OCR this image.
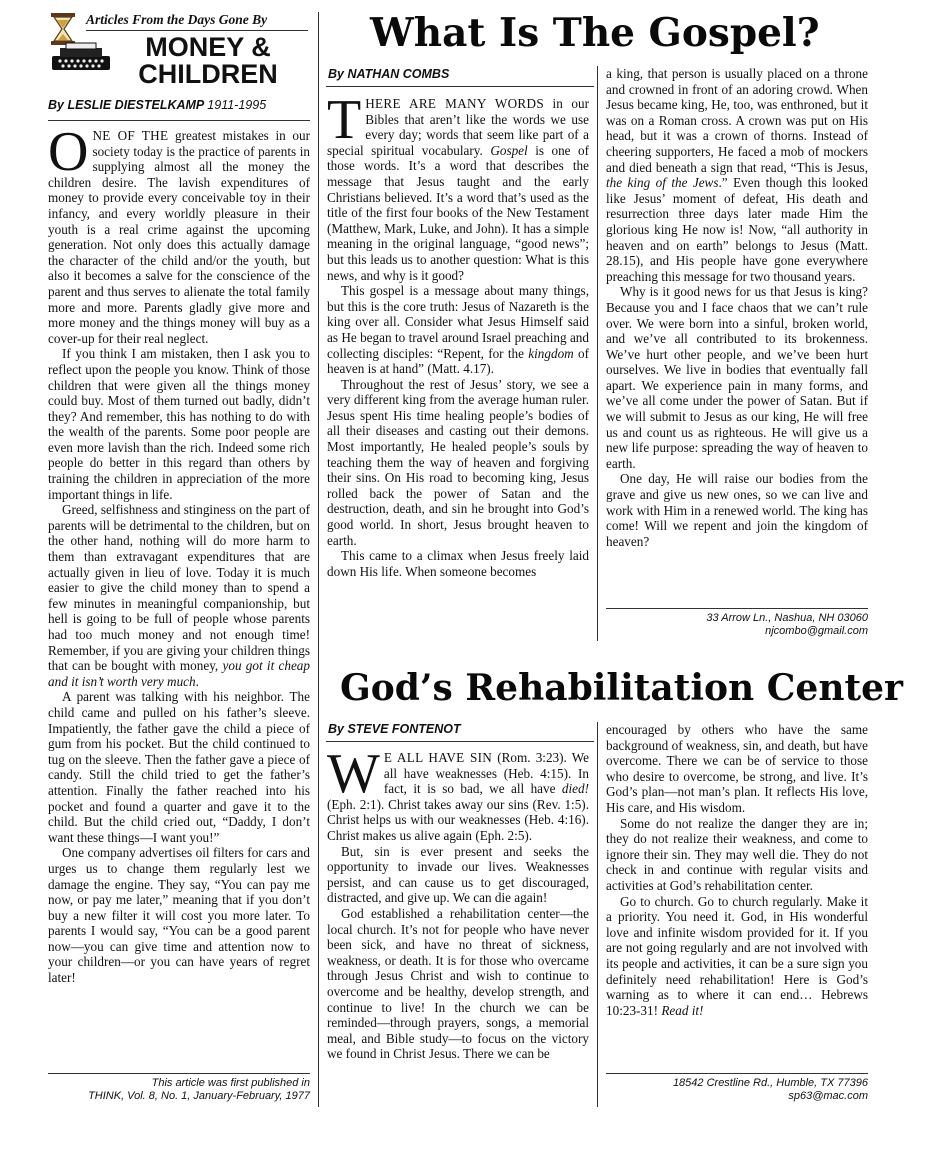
Articles From the Days Gone By
MONEY &
CHILDREN
By LESLIE DIESTELKAMP 1911-1995

ONE OF THE greatest mistakes in our society today is the practice of parents in supplying almost all the money the children desire. The lavish expenditures of money to provide every conceivable toy in their infancy, and every worldly pleasure in their youth is a real crime against the upcoming generation. Not only does this actually damage the character of the child and/or the youth, but also it becomes a salve for the conscience of the parent and thus serves to alienate the total family more and more. Parents gladly give more and more money and the things money will buy as a cover-up for their real neglect.

If you think I am mistaken, then I ask you to reflect upon the people you know. Think of those children that were given all the things money could buy. Most of them turned out badly, didn’t they? And remember, this has nothing to do with the wealth of the parents. Some poor people are even more lavish than the rich. Indeed some rich people do better in this regard than others by training the children in appreciation of the more important things in life.

Greed, selfishness and stinginess on the part of parents will be detrimental to the children, but on the other hand, nothing will do more harm to them than extravagant expenditures that are actually given in lieu of love. Today it is much easier to give the child money than to spend a few minutes in meaningful companionship, but hell is going to be full of people whose parents had too much money and not enough time! Remember, if you are giving your children things that can be bought with money, you got it cheap and it isn’t worth very much.

A parent was talking with his neighbor. The child came and pulled on his father’s sleeve. Impatiently, the father gave the child a piece of gum from his pocket. But the child continued to tug on the sleeve. Then the father gave a piece of candy. Still the child tried to get the father’s attention. Finally the father reached into his pocket and found a quarter and gave it to the child. But the child cried out, “Daddy, I don’t want these things—I want you!”

One company advertises oil filters for cars and urges us to change them regularly lest we damage the engine. They say, “You can pay me now, or pay me later,” meaning that if you don’t buy a new filter it will cost you more later. To parents I would say, “You can be a good parent now—you can give time and attention now to your children—or you can have years of regret later!

This article was first published in
THINK, Vol. 8, No. 1, January-February, 1977
What Is The Gospel?
By NATHAN COMBS

THERE ARE MANY WORDS in our Bibles that aren’t like the words we use every day; words that seem like part of a special spiritual vocabulary. Gospel is one of those words. It’s a word that describes the message that Jesus taught and the early Christians believed. It’s a word that’s used as the title of the first four books of the New Testament (Matthew, Mark, Luke, and John). It has a simple meaning in the original language, “good news”; but this leads us to another question: What is this news, and why is it good?

This gospel is a message about many things, but this is the core truth: Jesus of Nazareth is the king over all. Consider what Jesus Himself said as He began to travel around Israel preaching and collecting disciples: “Repent, for the kingdom of heaven is at hand” (Matt. 4.17).

Throughout the rest of Jesus’ story, we see a very different king from the average human ruler. Jesus spent His time healing people’s bodies of all their diseases and casting out their demons. Most importantly, He healed people’s souls by teaching them the way of heaven and forgiving their sins. On His road to becoming king, Jesus rolled back the power of Satan and the destruction, death, and sin he brought into God’s good world. In short, Jesus brought heaven to earth.

This came to a climax when Jesus freely laid down His life. When someone becomes

a king, that person is usually placed on a throne and crowned in front of an adoring crowd. When Jesus became king, He, too, was enthroned, but it was on a Roman cross. A crown was put on His head, but it was a crown of thorns. Instead of cheering supporters, He faced a mob of mockers and died beneath a sign that read, “This is Jesus, the king of the Jews.” Even though this looked like Jesus’ moment of defeat, His death and resurrection three days later made Him the glorious king He now is! Now, “all authority in heaven and on earth” belongs to Jesus (Matt. 28.15), and His people have gone everywhere preaching this message for two thousand years.

Why is it good news for us that Jesus is king? Because you and I face chaos that we can’t rule over. We were born into a sinful, broken world, and we’ve all contributed to its brokenness. We’ve hurt other people, and we’ve been hurt ourselves. We live in bodies that eventually fall apart. We experience pain in many forms, and we’ve all come under the power of Satan. But if we will submit to Jesus as our king, He will free us and count us as righteous. He will give us a new life purpose: spreading the way of heaven to earth.

One day, He will raise our bodies from the grave and give us new ones, so we can live and work with Him in a renewed world. The king has come! Will we repent and join the kingdom of heaven?

33 Arrow Ln., Nashua, NH 03060
njcombo@gmail.com
God’s Rehabilitation Center
By STEVE FONTENOT

W E ALL HAVE SIN (Rom. 3:23). We all have weaknesses (Heb. 4:15). In fact, it is so bad, we all have died! (Eph. 2:1). Christ takes away our sins (Rev. 1:5). Christ helps us with our weaknesses (Heb. 4:16). Christ makes us alive again (Eph. 2:5).

But, sin is ever present and seeks the opportunity to invade our lives. Weaknesses persist, and can cause us to get discouraged, distracted, and give up. We can die again!

God established a rehabilitation center—the local church. It’s not for people who have never been sick, and have no threat of sickness, weakness, or death. It is for those who overcame through Jesus Christ and wish to continue to overcome and be healthy, develop strength, and continue to live! In the church we can be reminded—through prayers, songs, a memorial meal, and Bible study—to focus on the victory we found in Christ Jesus. There we can be

encouraged by others who have the same background of weakness, sin, and death, but have overcome. There we can be of service to those who desire to overcome, be strong, and live. It’s God’s plan—not man’s plan. It reflects His love, His care, and His wisdom.

Some do not realize the danger they are in; they do not realize their weakness, and come to ignore their sin. They may well die. They do not check in and continue with regular visits and activities at God’s rehabilitation center.

Go to church. Go to church regularly. Make it a priority. You need it. God, in His wonderful love and infinite wisdom provided for it. If you are not going regularly and are not involved with its people and activities, it can be a sure sign you definitely need rehabilitation! Here is God’s warning as to where it can end… Hebrews 10:23-31! Read it!

18542 Crestline Rd., Humble, TX 77396
sp63@mac.com
